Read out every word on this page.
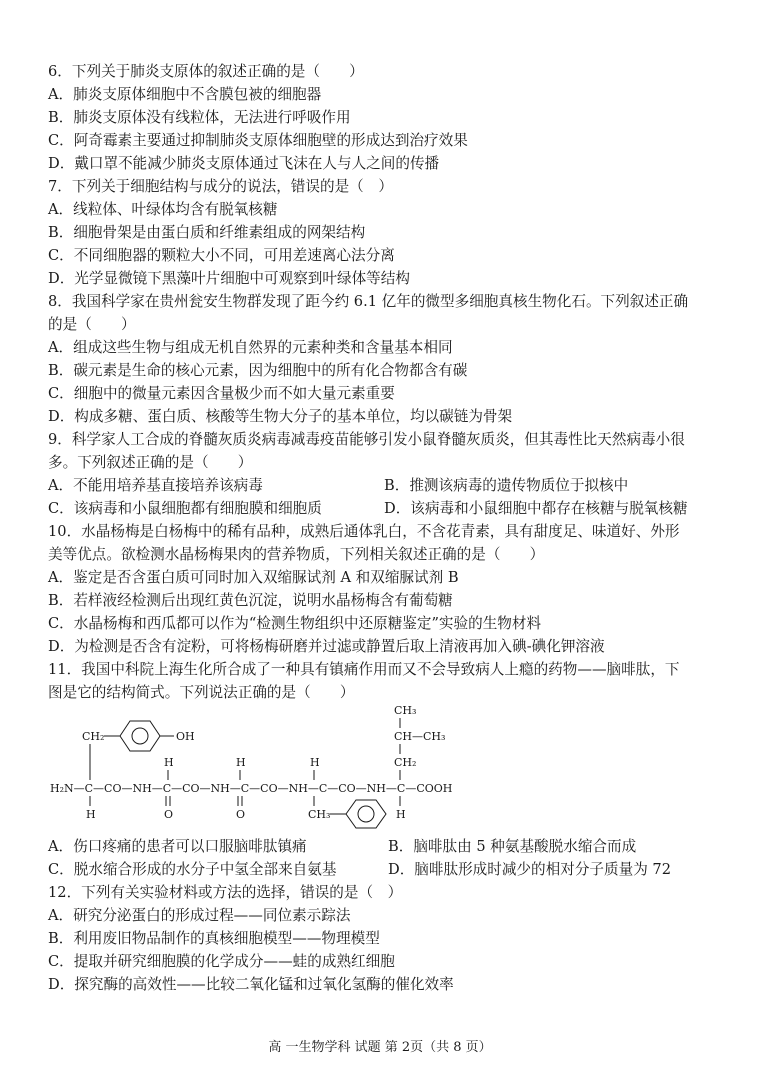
6．下列关于肺炎支原体的叙述正确的是（　　）
A．肺炎支原体细胞中不含膜包被的细胞器
B．肺炎支原体没有线粒体，无法进行呼吸作用
C．阿奇霉素主要通过抑制肺炎支原体细胞壁的形成达到治疗效果
D．戴口罩不能减少肺炎支原体通过飞沫在人与人之间的传播
7．下列关于细胞结构与成分的说法，错误的是（　）
A．线粒体、叶绿体均含有脱氧核糖
B．细胞骨架是由蛋白质和纤维素组成的网架结构
C．不同细胞器的颗粒大小不同，可用差速离心法分离
D．光学显微镜下黑藻叶片细胞中可观察到叶绿体等结构
8．我国科学家在贵州瓮安生物群发现了距今约 6.1 亿年的微型多细胞真核生物化石。下列叙述正确
的是（　　）
A．组成这些生物与组成无机自然界的元素种类和含量基本相同
B．碳元素是生命的核心元素，因为细胞中的所有化合物都含有碳
C．细胞中的微量元素因含量极少而不如大量元素重要
D．构成多糖、蛋白质、核酸等生物大分子的基本单位，均以碳链为骨架
9．科学家人工合成的脊髓灰质炎病毒减毒疫苗能够引发小鼠脊髓灰质炎，但其毒性比天然病毒小很
多。下列叙述正确的是（　　）
A．不能用培养基直接培养该病毒	B．推测该病毒的遗传物质位于拟核中
C．该病毒和小鼠细胞都有细胞膜和细胞质	D．该病毒和小鼠细胞中都存在核糖与脱氧核糖
10．水晶杨梅是白杨梅中的稀有品种，成熟后通体乳白，不含花青素，具有甜度足、味道好、外形
美等优点。欲检测水晶杨梅果肉的营养物质，下列相关叙述正确的是（　　）
A．鉴定是否含蛋白质可同时加入双缩脲试剂 A 和双缩脲试剂 B
B．若样液经检测后出现红黄色沉淀，说明水晶杨梅含有葡萄糖
C．水晶杨梅和西瓜都可以作为“检测生物组织中还原糖鉴定”实验的生物材料
D．为检测是否含有淀粉，可将杨梅研磨并过滤或静置后取上清液再加入碘-碘化钾溶液
11．我国中科院上海生化所合成了一种具有镇痛作用而又不会导致病人上瘾的药物——脑啡肽，下
图是它的结构简式。下列说法正确的是（　　）
CH₃
CH—CH₃
CH₂
CH₂	OH
H	H	H
H₂N—C—CO—NH—C—CO—NH—C—CO—NH—C—CO—NH—C—COOH
H	O	O	CH₃	H
A．伤口疼痛的患者可以口服脑啡肽镇痛	B．脑啡肽由 5 种氨基酸脱水缩合而成
C．脱水缩合形成的水分子中氢全部来自氨基	D．脑啡肽形成时减少的相对分子质量为 72
12．下列有关实验材料或方法的选择，错误的是（　）
A．研究分泌蛋白的形成过程——同位素示踪法
B．利用废旧物品制作的真核细胞模型——物理模型
C．提取并研究细胞膜的化学成分——蛙的成熟红细胞
D．探究酶的高效性——比较二氧化锰和过氧化氢酶的催化效率
高 一生物学科 试题 第 2页（共 8 页）
